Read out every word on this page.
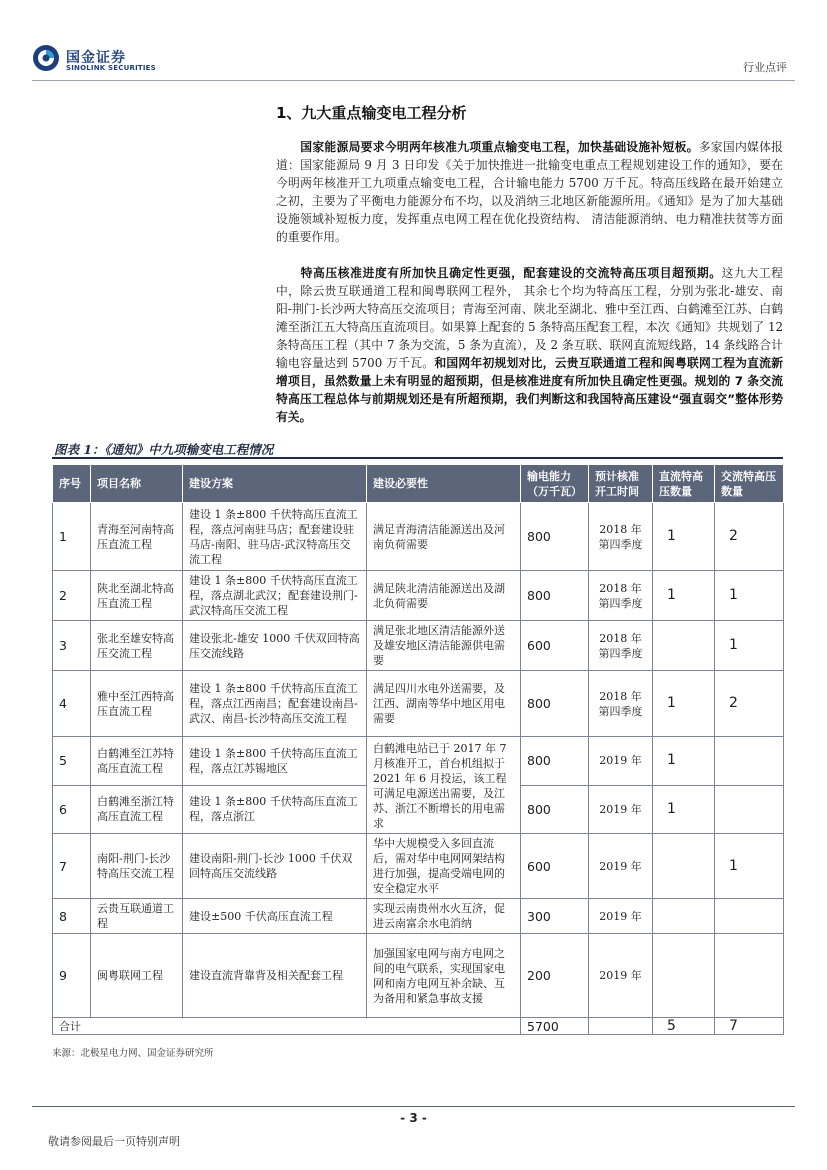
国金证券
SINOLINK SECURITIES	行业点评
1、九大重点输变电工程分析
国家能源局要求今明两年核准九项重点输变电工程，加快基础设施补短板。多家国内媒体报道：国家能源局 9 月 3 日印发《关于加快推进一批输变电重点工程规划建设工作的通知》，要在今明两年核准开工九项重点输变电工程，合计输电能力 5700 万千瓦。特高压线路在最开始建立之初，主要为了平衡电力能源分布不均，以及消纳三北地区新能源所用。《通知》是为了加大基础设施领域补短板力度，发挥重点电网工程在优化投资结构、 清洁能源消纳、电力精准扶贫等方面的重要作用。
特高压核准进度有所加快且确定性更强，配套建设的交流特高压项目超预期。这九大工程中，除云贵互联通道工程和闽粤联网工程外， 其余七个均为特高压工程，分别为张北-雄安、南阳-荆门-长沙两大特高压交流项目；青海至河南、陕北至湖北、雅中至江西、白鹤滩至江苏、白鹤滩至浙江五大特高压直流项目。如果算上配套的 5 条特高压配套工程，本次《通知》共规划了 12 条特高压工程（其中 7 条为交流，5 条为直流），及 2 条互联、联网直流短线路，14 条线路合计输电容量达到 5700 万千瓦。和国网年初规划对比，云贵互联通道工程和闽粤联网工程为直流新增项目，虽然数量上未有明显的超预期，但是核准进度有所加快且确定性更强。规划的 7 条交流特高压工程总体与前期规划还是有所超预期，我们判断这和我国特高压建设“强直弱交”整体形势有关。
图表 1：《通知》中九项输变电工程情况
序号	项目名称	建设方案	建设必要性	输电能力（万千瓦）	预计核准开工时间	直流特高压数量	交流特高压数量
1	青海至河南特高压直流工程	建设 1 条±800 千伏特高压直流工程，落点河南驻马店；配套建设驻马店-南阳、驻马店-武汉特高压交流工程	满足青海清洁能源送出及河南负荷需要	800	2018 年第四季度	1	2
2	陕北至湖北特高压直流工程	建设 1 条±800 千伏特高压直流工程，落点湖北武汉；配套建设荆门-武汉特高压交流工程	满足陕北清洁能源送出及湖北负荷需要	800	2018 年第四季度	1	1
3	张北至雄安特高压交流工程	建设张北-雄安 1000 千伏双回特高压交流线路	满足张北地区清洁能源外送及雄安地区清洁能源供电需要	600	2018 年第四季度		1
4	雅中至江西特高压直流工程	建设 1 条±800 千伏特高压直流工程，落点江西南昌；配套建设南昌-武汉、南昌-长沙特高压交流工程	满足四川水电外送需要，及江西、湖南等华中地区用电需要	800	2018 年第四季度	1	2
5	白鹤滩至江苏特高压直流工程	建设 1 条±800 千伏特高压直流工程，落点江苏锡地区	白鹤滩电站已于 2017 年 7 月核准开工，首台机组拟于 2021 年 6 月投运，该工程可满足电源送出需要，及江苏、浙江不断增长的用电需求	800	2019 年	1	
6	白鹤滩至浙江特高压直流工程	建设 1 条±800 千伏特高压直流工程，落点浙江		800	2019 年	1	
7	南阳-荆门-长沙特高压交流工程	建设南阳-荆门-长沙 1000 千伏双回特高压交流线路	华中大规模受入多回直流后，需对华中电网网架结构进行加强，提高受端电网的安全稳定水平	600	2019 年		1
8	云贵互联通道工程	建设±500 千伏高压直流工程	实现云南贵州水火互济，促进云南富余水电消纳	300	2019 年		
9	闽粤联网工程	建设直流背靠背及相关配套工程	加强国家电网与南方电网之间的电气联系，实现国家电网和南方电网互补余缺、互为备用和紧急事故支援	200	2019 年		
合计				5700		5	7
来源：北极星电力网、国金证券研究所
- 3 -
敬请参阅最后一页特别声明
